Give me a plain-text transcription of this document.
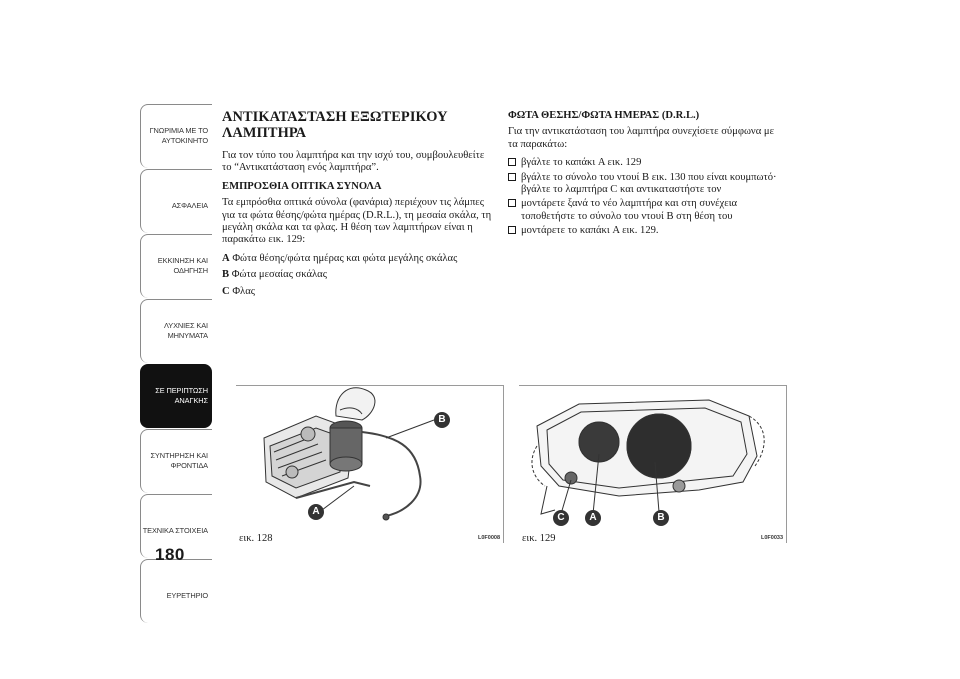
ΓΝΩΡΙΜΙΑ ΜΕ ΤΟ
ΑΥΤΟΚΙΝΗΤΟ
ΑΣΦΑΛΕΙΑ
ΕΚΚΙΝΗΣΗ ΚΑΙ
ΟΔΗΓΗΣΗ
ΛΥΧΝΙΕΣ ΚΑΙ
ΜΗΝΥΜΑΤΑ
ΣΕ ΠΕΡΙΠΤΩΣΗ
ΑΝΑΓΚΗΣ
ΣΥΝΤΗΡΗΣΗ ΚΑΙ
ΦΡΟΝΤΙΔΑ
ΤΕΧΝΙΚΑ ΣΤΟΙΧΕΙΑ
ΕΥΡΕΤΗΡΙΟ
180
ΑΝΤΙΚΑΤΑΣΤΑΣΗ ΕΞΩΤΕΡΙΚΟΥ ΛΑΜΠΤΗΡΑ

Για τον τύπο του λαμπτήρα και την ισχύ του, συμβουλευθείτε το “Αντικατάσταση ενός λαμπτήρα”.

ΕΜΠΡΟΣΘΙΑ ΟΠΤΙΚΑ ΣΥΝΟΛΑ

Τα εμπρόσθια οπτικά σύνολα (φανάρια) περιέχουν τις λάμπες για τα φώτα θέσης/φώτα ημέρας (D.R.L.), τη μεσαία σκάλα, τη μεγάλη σκάλα και τα φλας. Η θέση των λαμπτήρων είναι η παρακάτω εικ. 129:

A Φώτα θέσης/φώτα ημέρας και φώτα μεγάλης σκάλας
B Φώτα μεσαίας σκάλας
C Φλας
ΦΩΤΑ ΘΕΣΗΣ/ΦΩΤΑ ΗΜΕΡΑΣ (D.R.L.)

Για την αντικατάσταση του λαμπτήρα συνεχίσετε σύμφωνα με τα παρακάτω:

βγάλτε το καπάκι A εικ. 129
βγάλτε το σύνολο του ντουί B εικ. 130 που είναι κουμπωτό· βγάλτε το λαμπτήρα C και αντικαταστήστε τον
μοντάρετε ξανά το νέο λαμπτήρα και στη συνέχεια τοποθετήστε το σύνολο του ντουί B στη θέση του
μοντάρετε το καπάκι A εικ. 129.
B
A
εικ. 128	L0F0008
C	A	B
εικ. 129	L0F0033
